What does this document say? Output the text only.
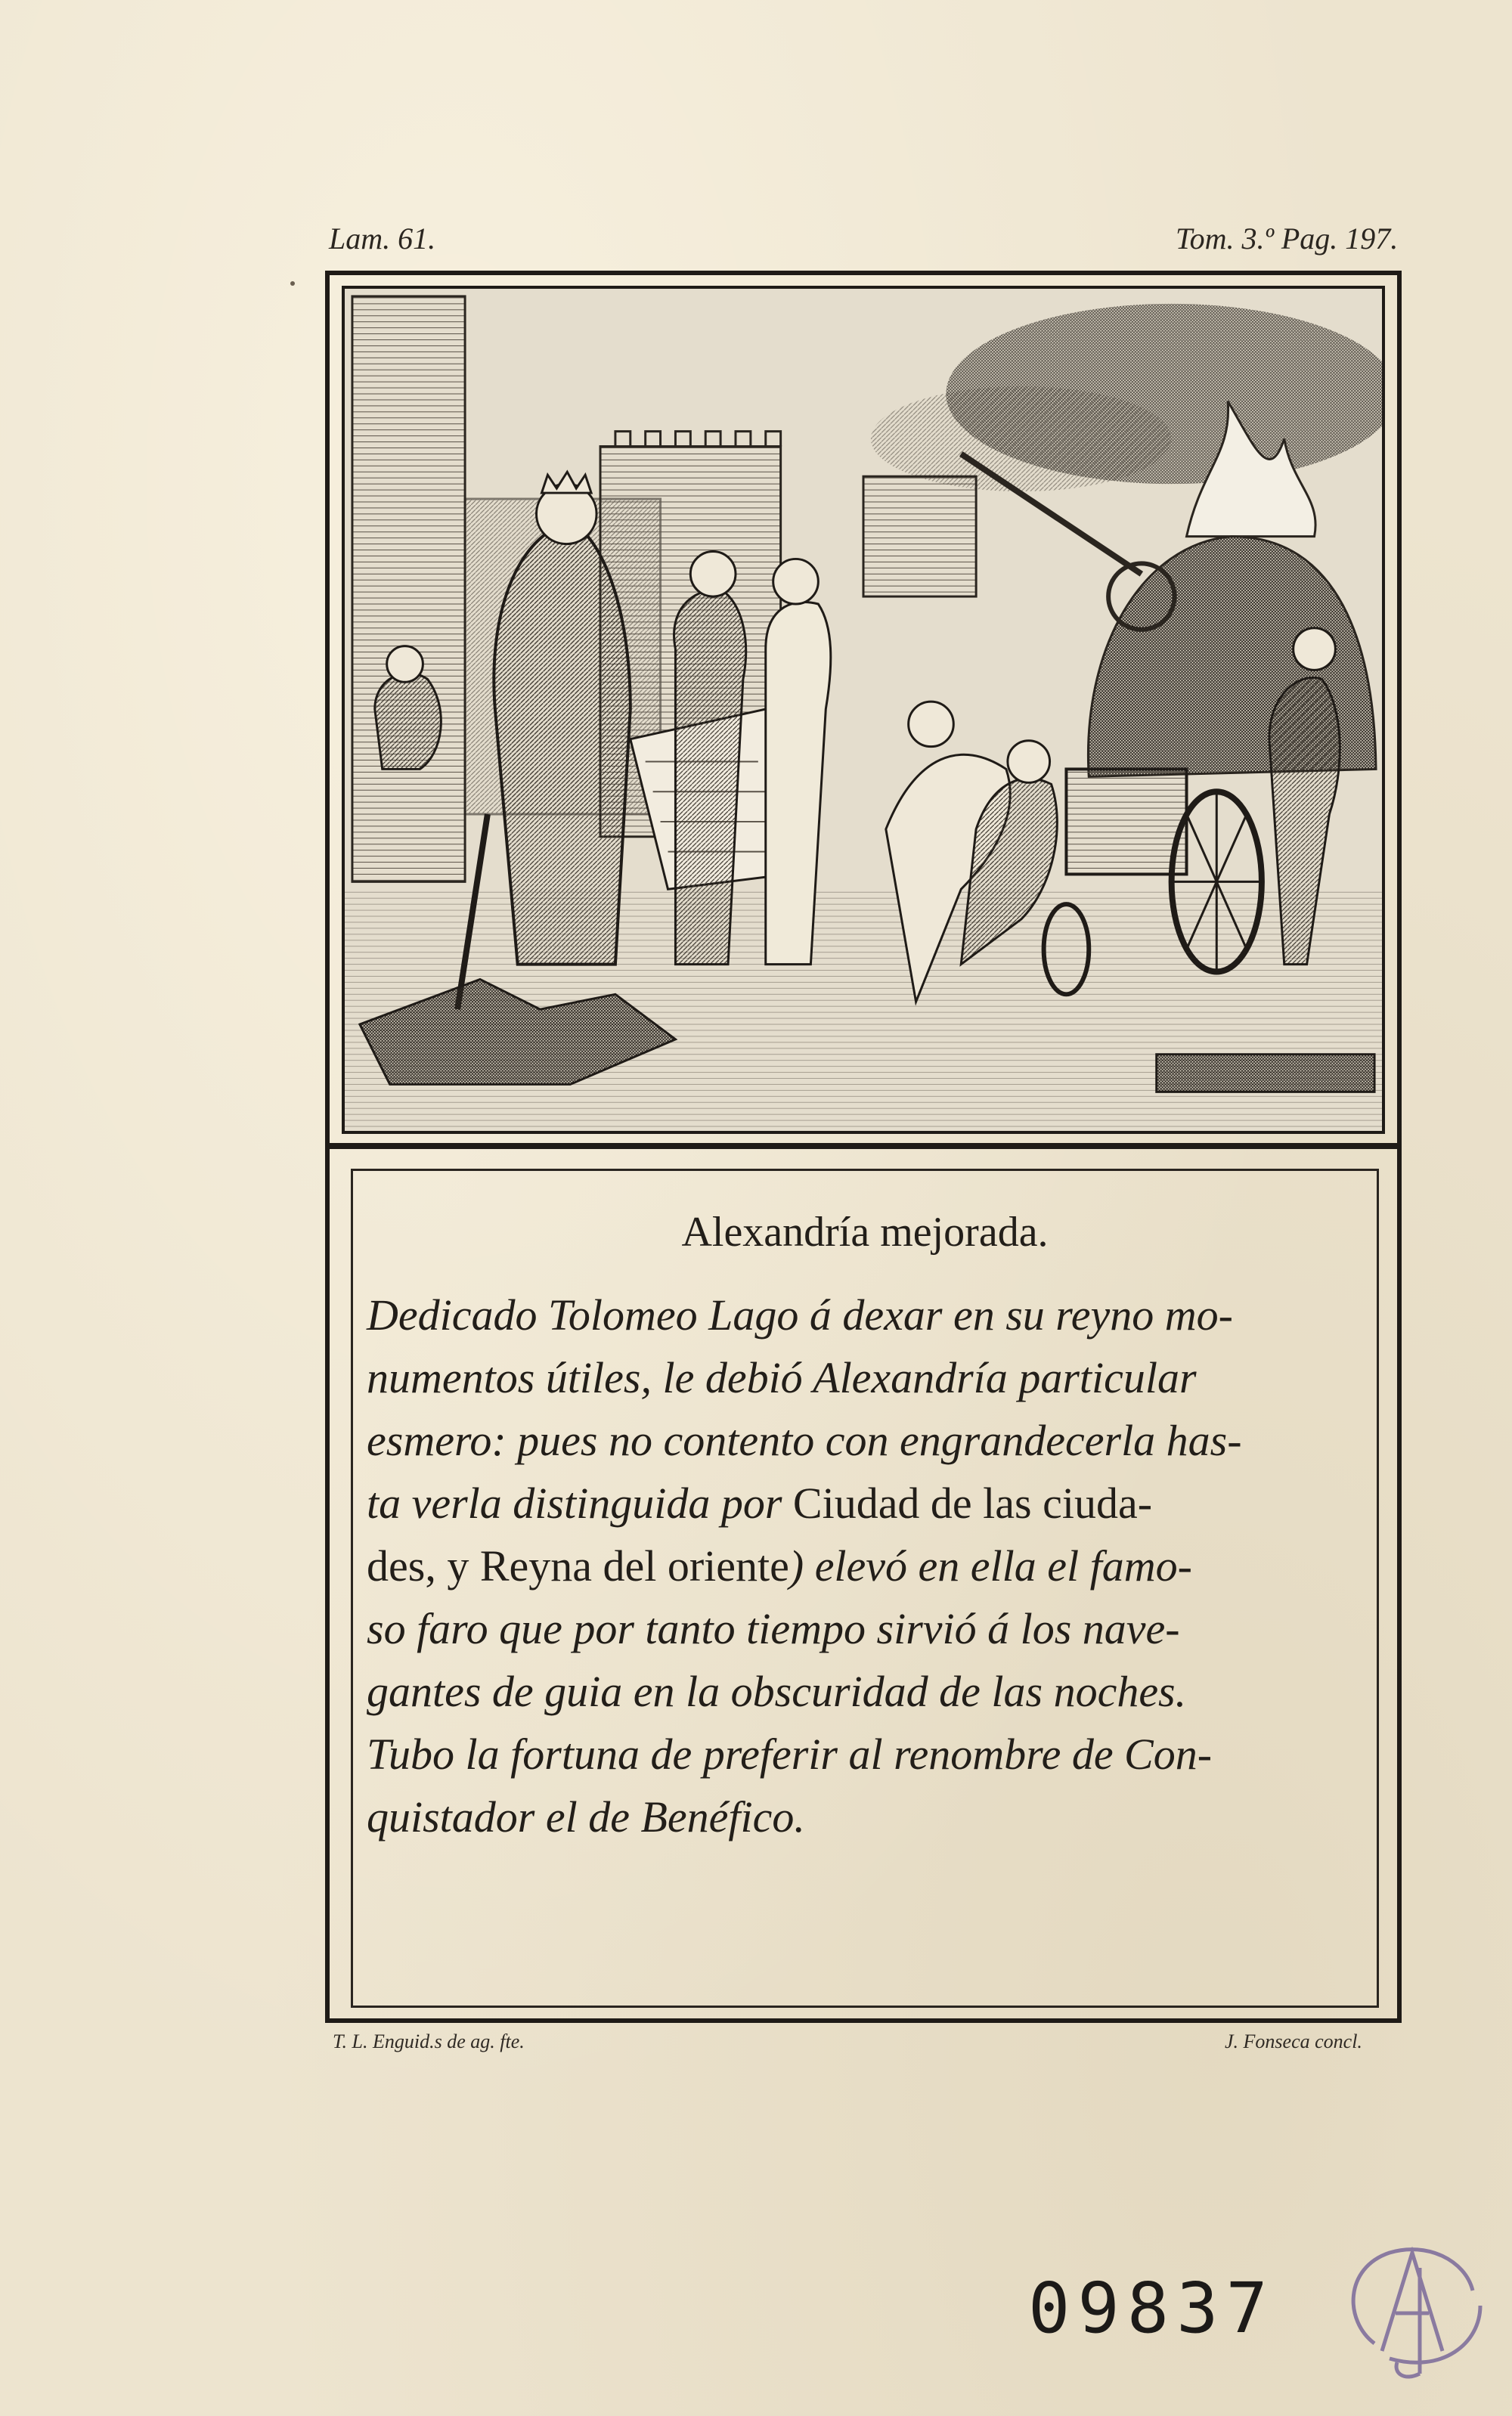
Lam. 61.	Tom. 3.º Pag. 197.
Alexandría mejorada.
Dedicado Tolomeo Lago á dexar en su reyno mo-
numentos útiles, le debió Alexandría particular
esmero: pues no contento con engrandecerla has-
ta verla distinguida por Ciudad de las ciuda-
des, y Reyna del oriente) elevó en ella el famo-
so faro que por tanto tiempo sirvió á los nave-
gantes de guia en la obscuridad de las noches.
Tubo la fortuna de preferir al renombre de Con-
quistador el de Benéfico.
T. L. Enguid.s de ag. fte.	J. Fonseca concl.
09837
